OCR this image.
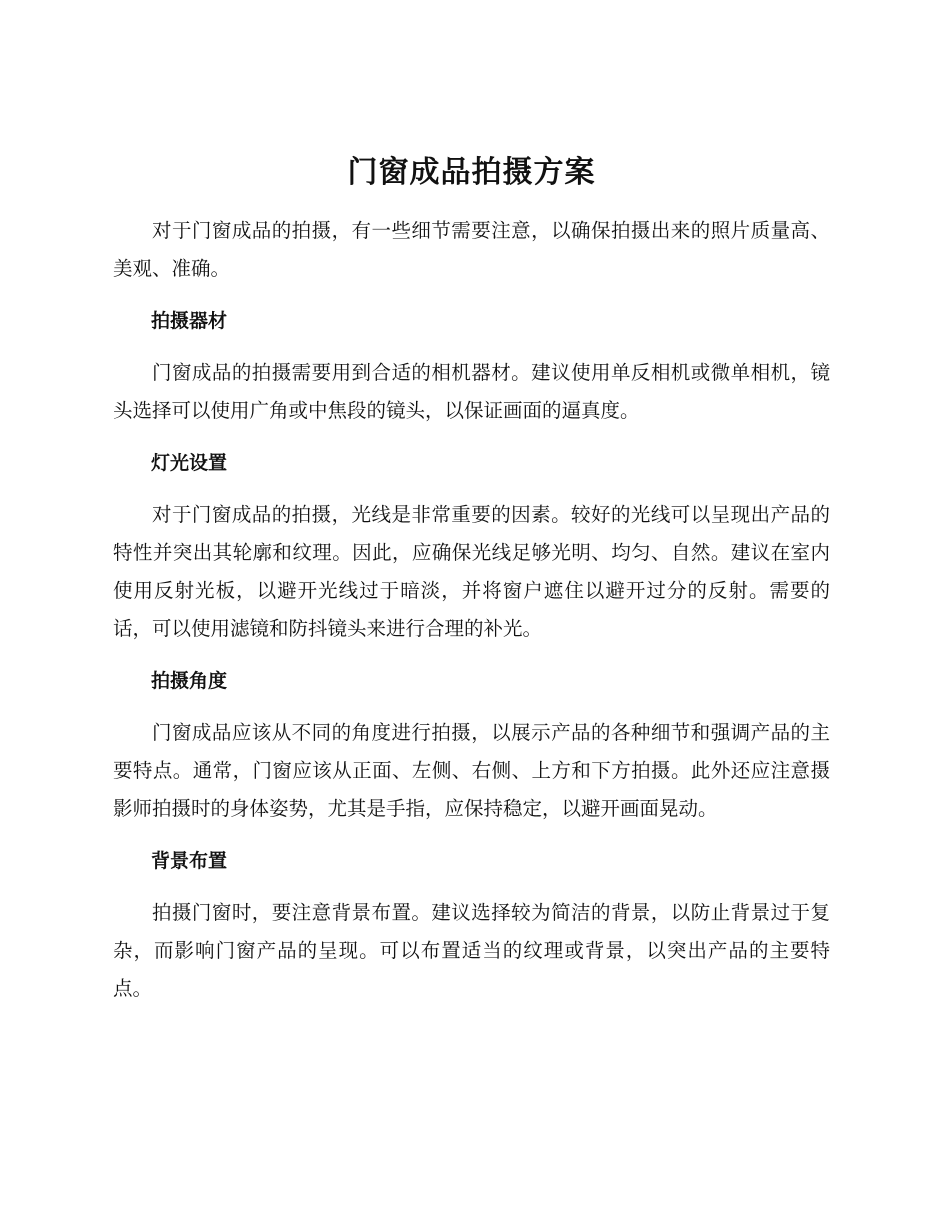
门窗成品拍摄方案

对于门窗成品的拍摄，有一些细节需要注意，以确保拍摄出来的照片质量高、美观、准确。

拍摄器材

门窗成品的拍摄需要用到合适的相机器材。建议使用单反相机或微单相机，镜头选择可以使用广角或中焦段的镜头，以保证画面的逼真度。

灯光设置

对于门窗成品的拍摄，光线是非常重要的因素。较好的光线可以呈现出产品的特性并突出其轮廓和纹理。因此，应确保光线足够光明、均匀、自然。建议在室内使用反射光板，以避开光线过于暗淡，并将窗户遮住以避开过分的反射。需要的话，可以使用滤镜和防抖镜头来进行合理的补光。

拍摄角度

门窗成品应该从不同的角度进行拍摄，以展示产品的各种细节和强调产品的主要特点。通常，门窗应该从正面、左侧、右侧、上方和下方拍摄。此外还应注意摄影师拍摄时的身体姿势，尤其是手指，应保持稳定，以避开画面晃动。

背景布置

拍摄门窗时，要注意背景布置。建议选择较为简洁的背景，以防止背景过于复杂，而影响门窗产品的呈现。可以布置适当的纹理或背景，以突出产品的主要特点。
